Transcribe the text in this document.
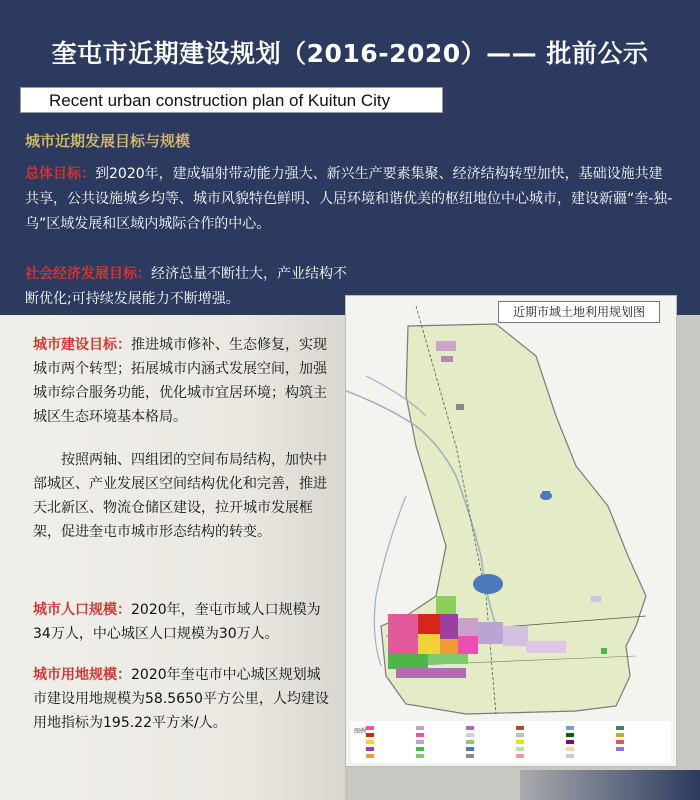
奎屯市近期建设规划（2016-2020）—— 批前公示
Recent urban construction plan of Kuitun City
城市近期发展目标与规模
总体目标：到2020年，建成辐射带动能力强大、新兴生产要素集聚、经济结构转型加快，基础设施共建共享，公共设施城乡均等、城市风貌特色鲜明、人居环境和谐优美的枢纽地位中心城市，建设新疆“奎-独-乌”区域发展和区域内城际合作的中心。
社会经济发展目标：经济总量不断壮大，产业结构不断优化;可持续发展能力不断增强。
城市建设目标：推进城市修补、生态修复，实现城市两个转型；拓展城市内涵式发展空间，加强城市综合服务功能，优化城市宜居环境；构筑主城区生态环境基本格局。
按照两轴、四组团的空间布局结构，加快中部城区、产业发展区空间结构优化和完善，推进天北新区、物流仓储区建设，拉开城市发展框架，促进奎屯市城市形态结构的转变。
城市人口规模：2020年，奎屯市域人口规模为34万人，中心城区人口规模为30万人。
城市用地规模：2020年奎屯市中心城区规划城市建设用地规模为58.5650平方公里，人均建设用地指标为195.22平方米/人。
图例
近期市域土地利用规划图
